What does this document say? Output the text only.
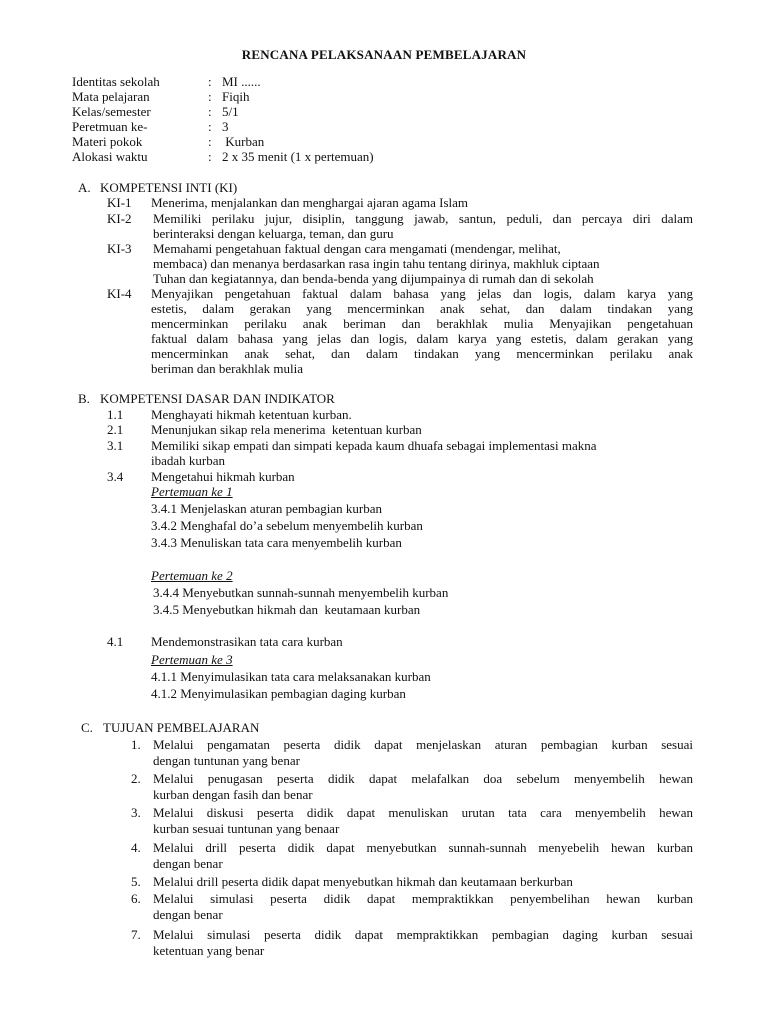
RENCANA PELAKSANAAN PEMBELAJARAN
Identitas sekolah	: MI ......
Mata pelajaran	: Fiqih
Kelas/semester	: 5/1
Peretmuan ke-	: 3
Materi pokok	: Kurban
Alokasi waktu	: 2 x 35 menit (1 x pertemuan)
A. KOMPETENSI INTI (KI)
KI-1 Menerima, menjalankan dan menghargai ajaran agama Islam
KI-2 Memiliki perilaku jujur, disiplin, tanggung jawab, santun, peduli, dan percaya diri dalam
berinteraksi dengan keluarga, teman, dan guru
KI-3 Memahami pengetahuan faktual dengan cara mengamati (mendengar, melihat,
membaca) dan menanya berdasarkan rasa ingin tahu tentang dirinya, makhluk ciptaan
Tuhan dan kegiatannya, dan benda-benda yang dijumpainya di rumah dan di sekolah
KI-4 Menyajikan pengetahuan faktual dalam bahasa yang jelas dan logis, dalam karya yang
estetis, dalam gerakan yang mencerminkan anak sehat, dan dalam tindakan yang
mencerminkan perilaku anak beriman dan berakhlak mulia Menyajikan pengetahuan
faktual dalam bahasa yang jelas dan logis, dalam karya yang estetis, dalam gerakan yang
mencerminkan anak sehat, dan dalam tindakan yang mencerminkan perilaku anak
beriman dan berakhlak mulia
B. KOMPETENSI DASAR DAN INDIKATOR
1.1 Menghayati hikmah ketentuan kurban.
2.1 Menunjukan sikap rela menerima  ketentuan kurban
3.1 Memiliki sikap empati dan simpati kepada kaum dhuafa sebagai implementasi makna
ibadah kurban
3.4 Mengetahui hikmah kurban
Pertemuan ke 1
3.4.1 Menjelaskan aturan pembagian kurban
3.4.2 Menghafal do’a sebelum menyembelih kurban
3.4.3 Menuliskan tata cara menyembelih kurban
Pertemuan ke 2
3.4.4 Menyebutkan sunnah-sunnah menyembelih kurban
3.4.5 Menyebutkan hikmah dan  keutamaan kurban
4.1 Mendemonstrasikan tata cara kurban
Pertemuan ke 3
4.1.1 Menyimulasikan tata cara melaksanakan kurban
4.1.2 Menyimulasikan pembagian daging kurban
C. TUJUAN PEMBELAJARAN
1. Melalui pengamatan peserta didik dapat menjelaskan aturan pembagian kurban sesuai
dengan tuntunan yang benar
2. Melalui penugasan peserta didik dapat melafalkan doa sebelum menyembelih hewan
kurban dengan fasih dan benar
3. Melalui diskusi peserta didik dapat menuliskan urutan tata cara menyembelih hewan
kurban sesuai tuntunan yang benaar
4. Melalui drill peserta didik dapat menyebutkan sunnah-sunnah menyebelih hewan kurban
dengan benar
5. Melalui drill peserta didik dapat menyebutkan hikmah dan keutamaan berkurban
6. Melalui simulasi peserta didik dapat mempraktikkan penyembelihan hewan kurban
dengan benar
7. Melalui simulasi peserta didik dapat mempraktikkan pembagian daging kurban sesuai
ketentuan yang benar
